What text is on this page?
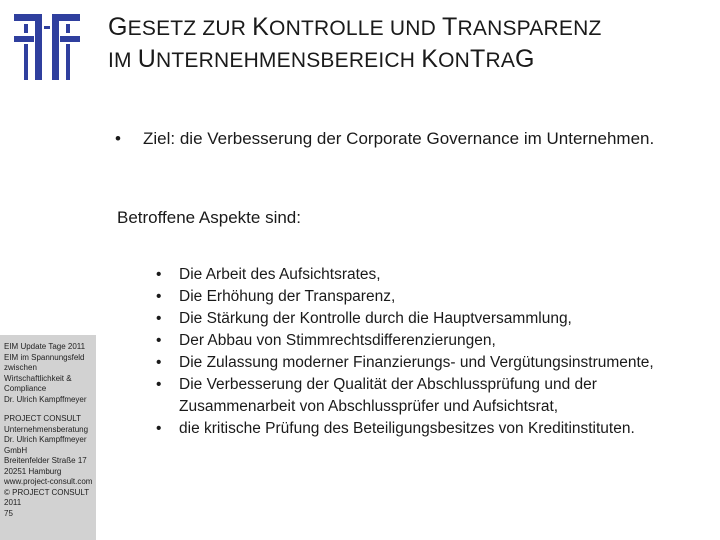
GESETZ ZUR KONTROLLE UND TRANSPARENZ
IM UNTERNEHMENSBEREICH KONTRAG
• Ziel: die Verbesserung der Corporate Governance im Unternehmen.
Betroffene Aspekte sind:
• Die Arbeit des Aufsichtsrates,
• Die Erhöhung der Transparenz,
• Die Stärkung der Kontrolle durch die Hauptversammlung,
• Der Abbau von Stimmrechtsdifferenzierungen,
• Die Zulassung moderner Finanzierungs- und Vergütungsinstrumente,
• Die Verbesserung der Qualität der Abschlussprüfung und der Zusammenarbeit von Abschlussprüfer und Aufsichtsrat,
• die kritische Prüfung des Beteiligungsbesitzes von Kreditinstituten.
EIM Update Tage 2011
EIM im Spannungsfeld
zwischen
Wirtschaftlichkeit &
Compliance
Dr. Ulrich Kampffmeyer
PROJECT CONSULT
Unternehmensberatung
Dr. Ulrich Kampffmeyer
GmbH
Breitenfelder Straße 17
20251 Hamburg
www.project-consult.com
© PROJECT CONSULT
2011
75
